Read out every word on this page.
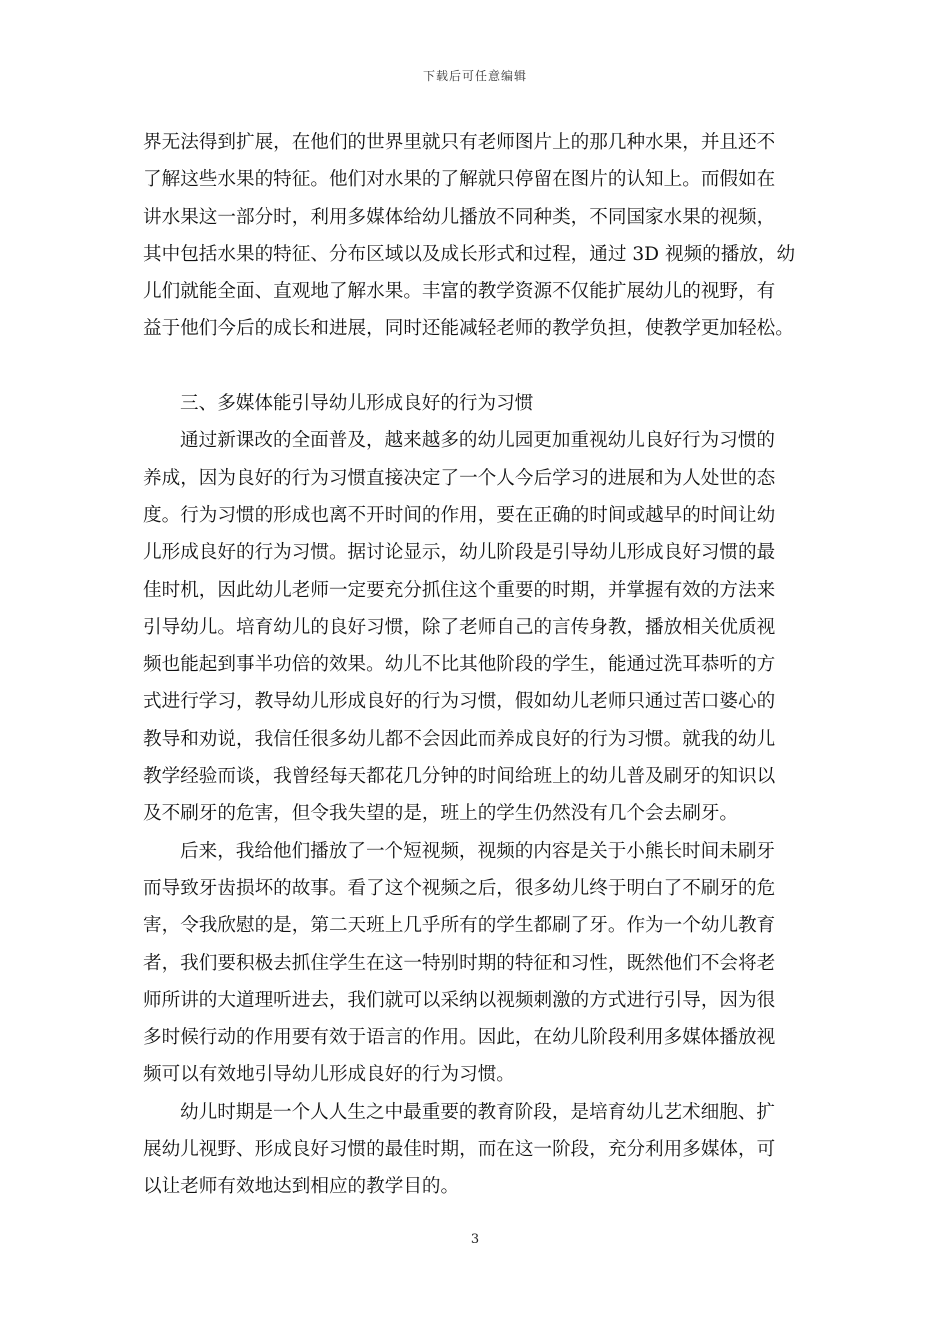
下载后可任意编辑
界无法得到扩展，在他们的世界里就只有老师图片上的那几种水果，并且还不
了解这些水果的特征。他们对水果的了解就只停留在图片的认知上。而假如在
讲水果这一部分时，利用多媒体给幼儿播放不同种类，不同国家水果的视频，
其中包括水果的特征、分布区域以及成长形式和过程，通过 3D 视频的播放，幼
儿们就能全面、直观地了解水果。丰富的教学资源不仅能扩展幼儿的视野，有
益于他们今后的成长和进展，同时还能减轻老师的教学负担，使教学更加轻松。
三、多媒体能引导幼儿形成良好的行为习惯
通过新课改的全面普及，越来越多的幼儿园更加重视幼儿良好行为习惯的
养成，因为良好的行为习惯直接决定了一个人今后学习的进展和为人处世的态
度。行为习惯的形成也离不开时间的作用，要在正确的时间或越早的时间让幼
儿形成良好的行为习惯。据讨论显示，幼儿阶段是引导幼儿形成良好习惯的最
佳时机，因此幼儿老师一定要充分抓住这个重要的时期，并掌握有效的方法来
引导幼儿。培育幼儿的良好习惯，除了老师自己的言传身教，播放相关优质视
频也能起到事半功倍的效果。幼儿不比其他阶段的学生，能通过洗耳恭听的方
式进行学习，教导幼儿形成良好的行为习惯，假如幼儿老师只通过苦口婆心的
教导和劝说，我信任很多幼儿都不会因此而养成良好的行为习惯。就我的幼儿
教学经验而谈，我曾经每天都花几分钟的时间给班上的幼儿普及刷牙的知识以
及不刷牙的危害，但令我失望的是，班上的学生仍然没有几个会去刷牙。
后来，我给他们播放了一个短视频，视频的内容是关于小熊长时间未刷牙
而导致牙齿损坏的故事。看了这个视频之后，很多幼儿终于明白了不刷牙的危
害，令我欣慰的是，第二天班上几乎所有的学生都刷了牙。作为一个幼儿教育
者，我们要积极去抓住学生在这一特别时期的特征和习性，既然他们不会将老
师所讲的大道理听进去，我们就可以采纳以视频刺激的方式进行引导，因为很
多时候行动的作用要有效于语言的作用。因此，在幼儿阶段利用多媒体播放视
频可以有效地引导幼儿形成良好的行为习惯。
幼儿时期是一个人人生之中最重要的教育阶段，是培育幼儿艺术细胞、扩
展幼儿视野、形成良好习惯的最佳时期，而在这一阶段，充分利用多媒体，可
以让老师有效地达到相应的教学目的。
3
